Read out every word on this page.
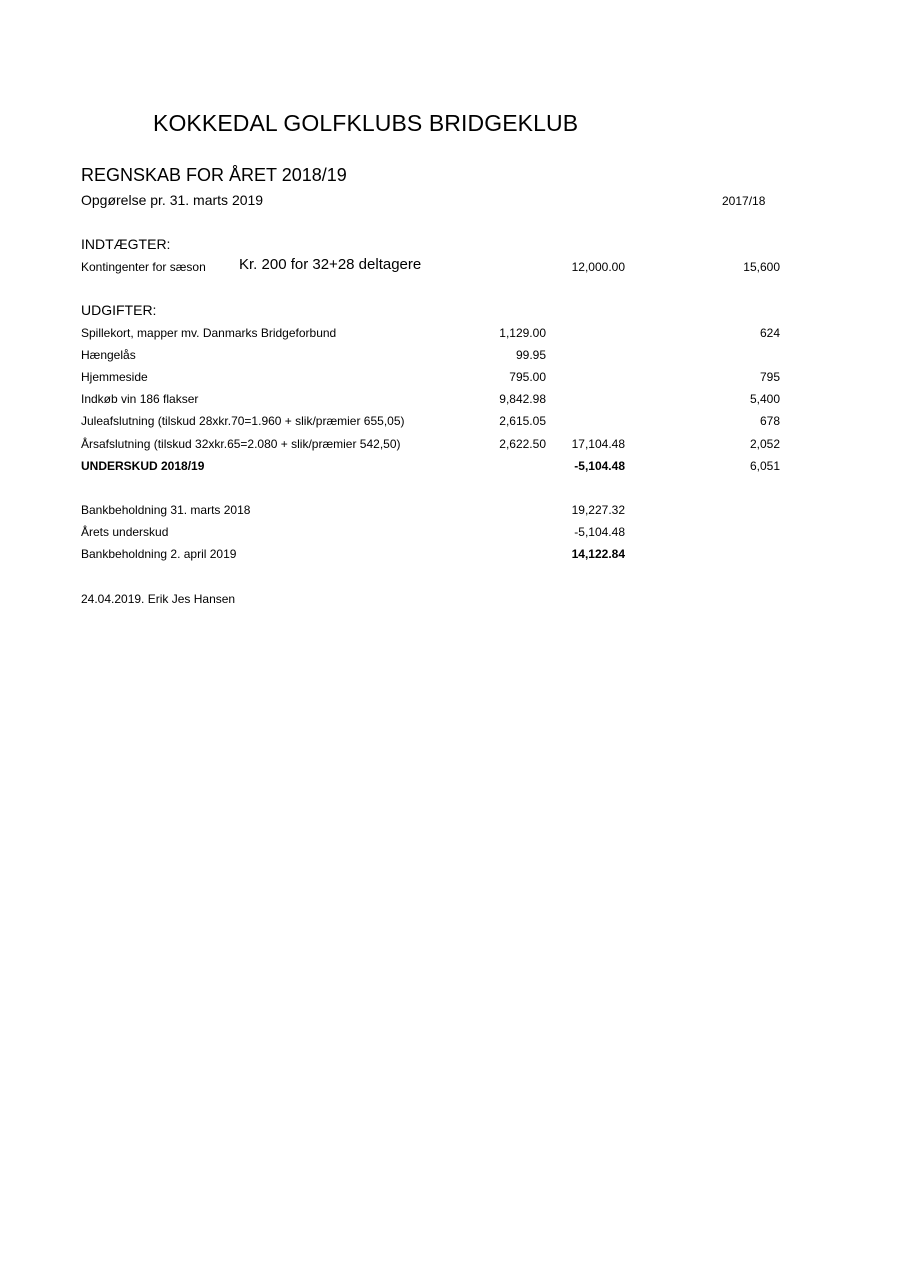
KOKKEDAL GOLFKLUBS BRIDGEKLUB
REGNSKAB FOR ÅRET 2018/19
Opgørelse pr. 31. marts 2019	2017/18
INDTÆGTER:
Kontingenter for sæson Kr. 200 for 32+28 deltagere	12,000.00	15,600
UDGIFTER:
Spillekort, mapper mv. Danmarks Bridgeforbund	1,129.00	624
Hængelås	99.95
Hjemmeside	795.00	795
Indkøb vin 186 flakser	9,842.98	5,400
Juleafslutning (tilskud 28xkr.70=1.960 + slik/præmier 655,05)	2,615.05	678
Årsafslutning (tilskud 32xkr.65=2.080 + slik/præmier 542,50)	2,622.50 17,104.48	2,052
UNDERSKUD 2018/19	-5,104.48	6,051
Bankbeholdning 31. marts 2018	19,227.32
Årets underskud	-5,104.48
Bankbeholdning 2. april 2019	14,122.84
24.04.2019. Erik Jes Hansen
